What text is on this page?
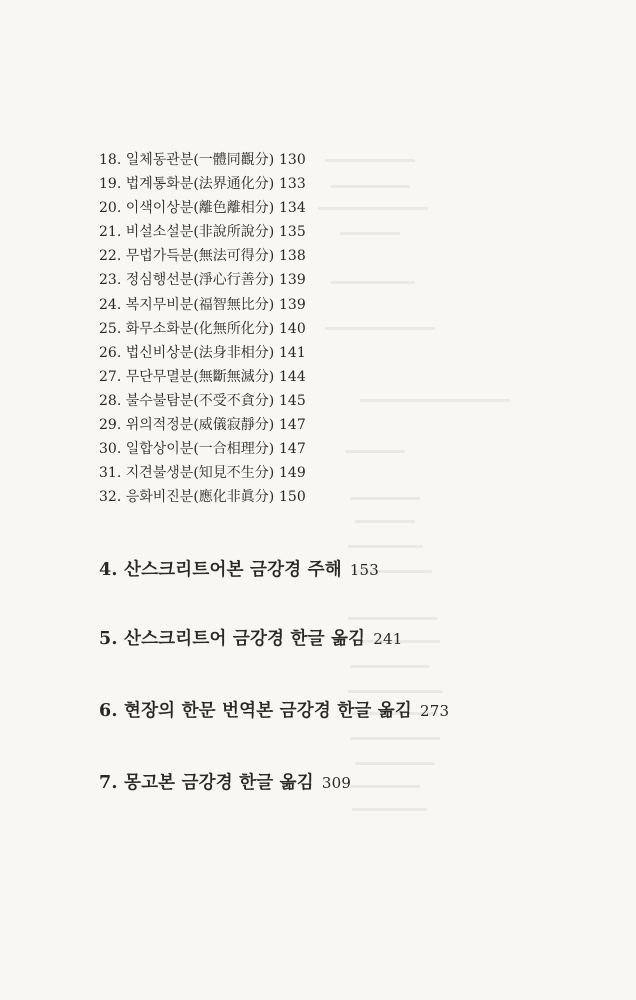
18. 일체동관분(一體同觀分) 130
19. 법계통화분(法界通化分) 133
20. 이색이상분(離色離相分) 134
21. 비설소설분(非說所說分) 135
22. 무법가득분(無法可得分) 138
23. 정심행선분(淨心行善分) 139
24. 복지무비분(福智無比分) 139
25. 화무소화분(化無所化分) 140
26. 법신비상분(法身非相分) 141
27. 무단무멸분(無斷無滅分) 144
28. 불수불탐분(不受不貪分) 145
29. 위의적정분(威儀寂靜分) 147
30. 일합상이분(一合相理分) 147
31. 지견불생분(知見不生分) 149
32. 응화비진분(應化非眞分) 150
4. 산스크리트어본 금강경 주해 153
5. 산스크리트어 금강경 한글 옮김 241
6. 현장의 한문 번역본 금강경 한글 옮김 273
7. 몽고본 금강경 한글 옮김 309
